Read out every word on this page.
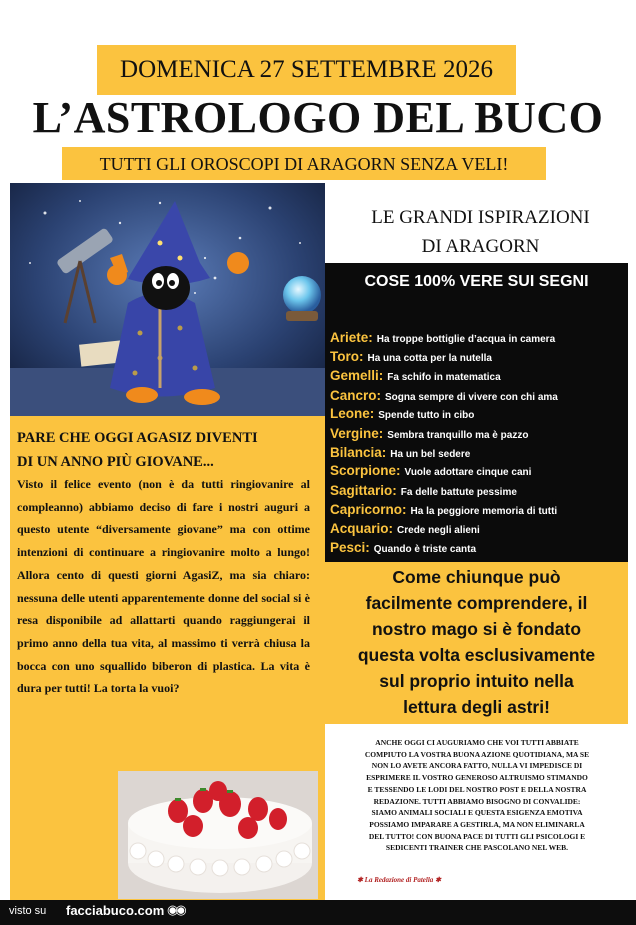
DOMENICA 27 SETTEMBRE 2026
L’ASTROLOGO DEL BUCO
TUTTI GLI OROSCOPI DI ARAGORN SENZA VELI!
LE GRANDI ISPIRAZIONI
DI ARAGORN
COSE 100% VERE SUI SEGNI
Ariete: Ha troppe bottiglie d’acqua in camera
Toro: Ha una cotta per la nutella
Gemelli: Fa schifo in matematica
Cancro: Sogna sempre di vivere con chi ama
Leone: Spende tutto in cibo
Vergine: Sembra tranquillo ma è pazzo
Bilancia: Ha un bel sedere
Scorpione: Vuole adottare cinque cani
Sagittario: Fa delle battute pessime
Capricorno: Ha la peggiore memoria di tutti
Acquario: Crede negli alieni
Pesci: Quando è triste canta
Come chiunque può
facilmente comprendere, il
nostro mago si è fondato
questa volta esclusivamente
sul proprio intuito nella
lettura degli astri!
PARE CHE OGGI AGASIZ DIVENTI
DI UN ANNO PIÙ GIOVANE...
Visto il felice evento (non è da tutti ringiovanire al compleanno) abbiamo deciso di fare i nostri auguri a questo utente “diversamente giovane” ma con ottime intenzioni di continuare a ringiovanire molto a lungo! Allora cento di questi giorni AgasiZ, ma sia chiaro: nessuna delle utenti apparentemente donne del social si è resa disponibile ad allattarti quando raggiungerai il primo anno della tua vita, al massimo ti verrà chiusa la bocca con uno squallido biberon di plastica. La vita è dura per tutti! La torta la vuoi?
ANCHE OGGI CI AUGURIAMO CHE VOI TUTTI ABBIATE
COMPIUTO LA VOSTRA BUONA AZIONE QUOTIDIANA, MA SE
NON LO AVETE ANCORA FATTO, NULLA VI IMPEDISCE DI
ESPRIMERE IL VOSTRO GENEROSO ALTRUISMO STIMANDO
E TESSENDO LE LODI DEL NOSTRO POST E DELLA NOSTRA
REDAZIONE. TUTTI ABBIAMO BISOGNO DI CONVALIDE:
SIAMO ANIMALI SOCIALI E QUESTA ESIGENZA EMOTIVA
POSSIAMO IMPARARE A GESTIRLA, MA NON ELIMINARLA
DEL TUTTO! CON BUONA PACE DI TUTTI GLI PSICOLOGI E
SEDICENTI TRAINER CHE PASCOLANO NEL WEB.
✱ La Redazione di Patella ✱
visto su facciabuco.com ◉◉
